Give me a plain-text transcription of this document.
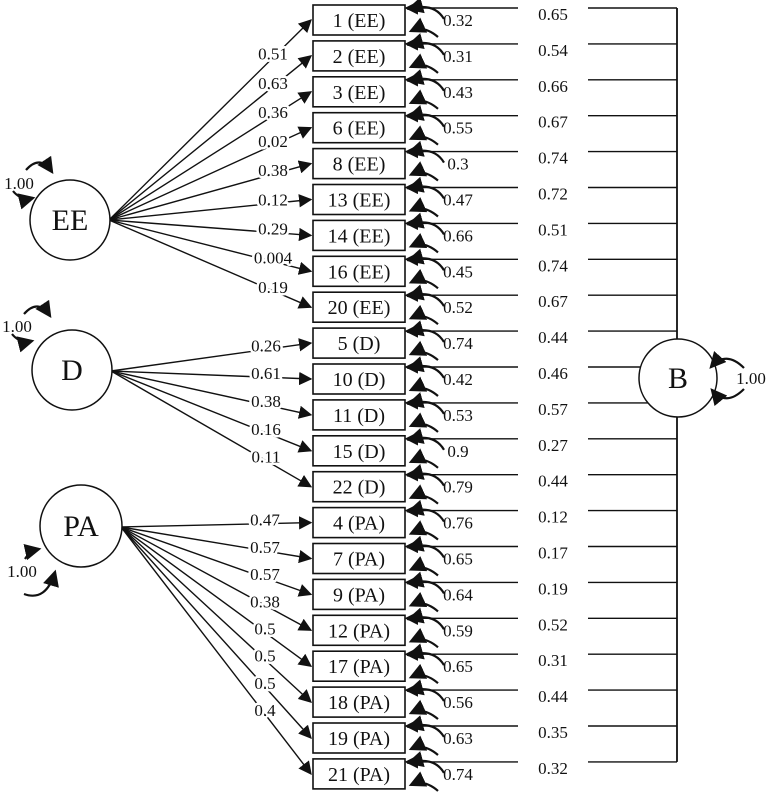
0.65
0.51
1 (EE)	0.32
0.54
0.63
2 (EE)	0.31
0.66
0.36
3 (EE)	0.43
0.67
0.02
6 (EE)	0.55
0.74
0.38 8 (EE)	0.3
0.72
0.12 13 (EE)	0.47
0.51
0.29 14 (EE)	0.66
0.74
0.004
16 (EE)	0.45
0.67
0.19
20 (EE)	0.52
0.44
0.26	5 (D)	0.74
0.46
0.61	10 (D)	0.42
0.57
0.38
11 (D)	0.53
0.27
0.16
15 (D)	0.9
0.44
0.11
22 (D)	0.79
0.12
0.47	4 (PA)	0.76
0.17
0.57
7 (PA)	0.65
0.19
0.57
9 (PA)	0.64
0.52
0.38
12 (PA)	0.59
0.31
0.5
17 (PA)	0.65
0.44
0.5
18 (PA)	0.56
0.35
0.5
19 (PA)	0.63
0.32
0.4
21 (PA)	0.74
EE
1.00
D
1.00
PA
1.00
B	1.00
